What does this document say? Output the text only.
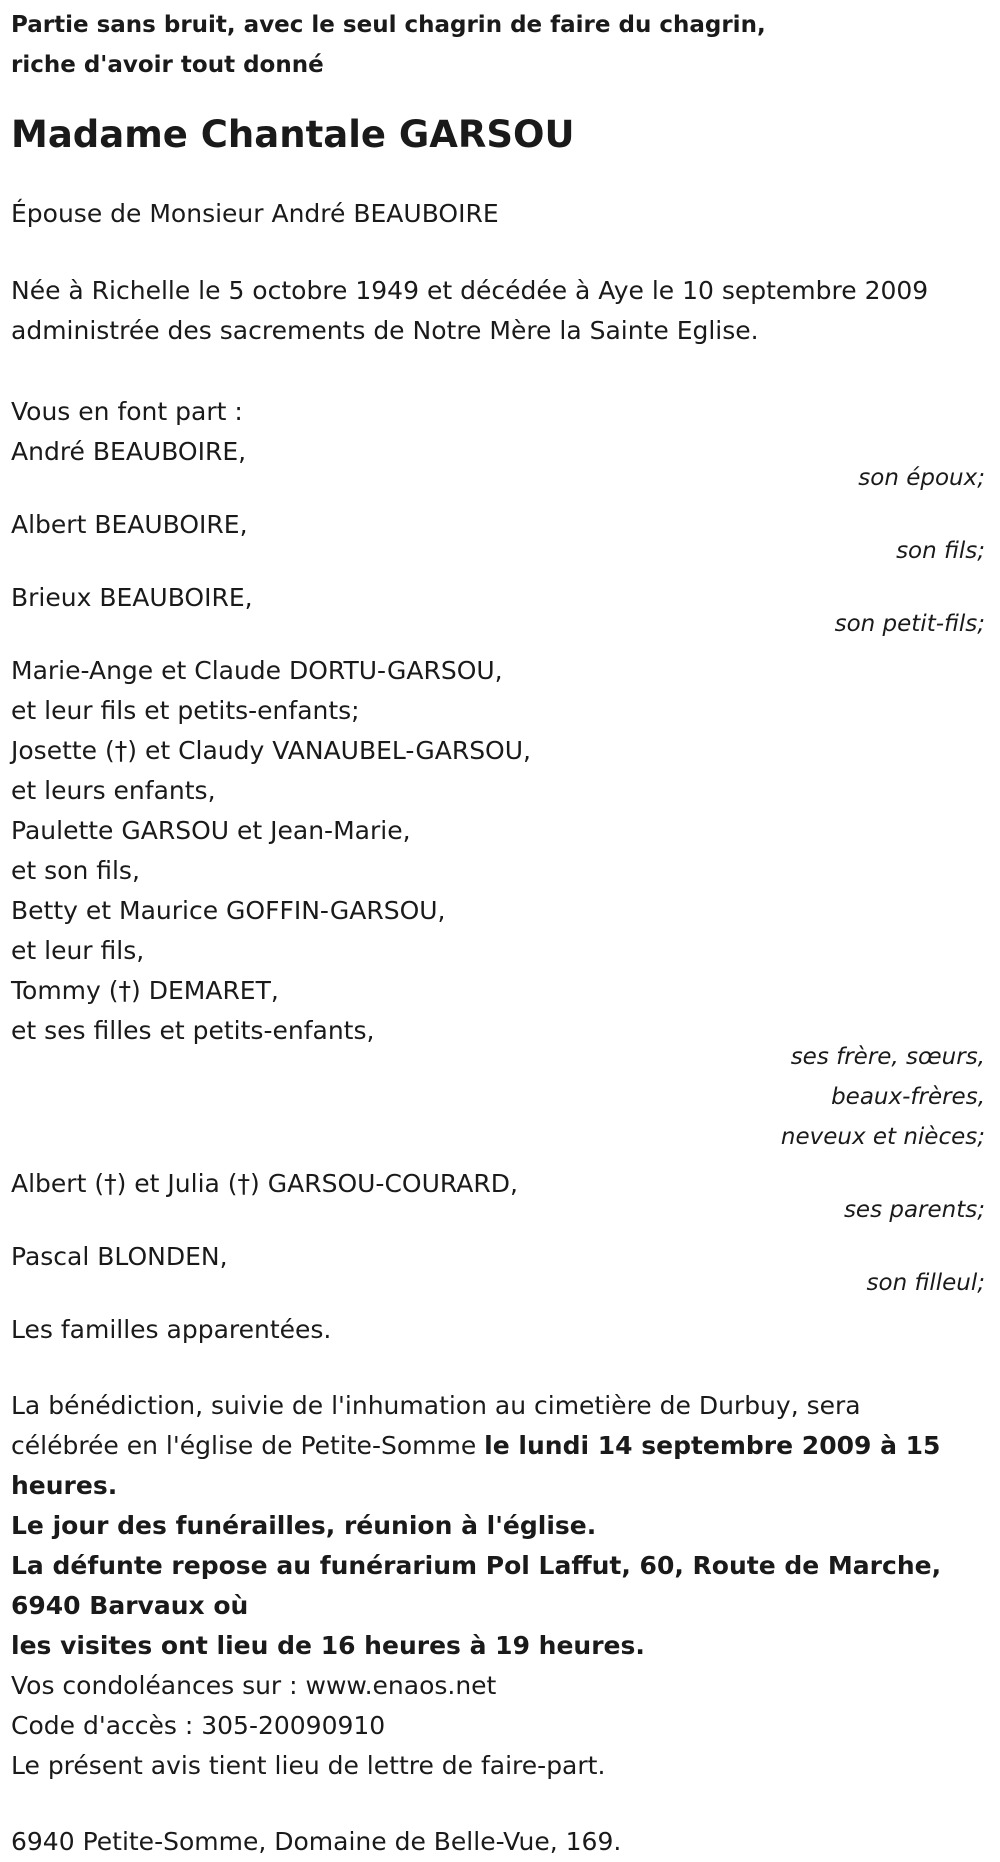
Partie sans bruit, avec le seul chagrin de faire du chagrin,
riche d'avoir tout donné
Madame Chantale GARSOU
Épouse de Monsieur André BEAUBOIRE
Née à Richelle le 5 octobre 1949 et décédée à Aye le 10 septembre 2009
administrée des sacrements de Notre Mère la Sainte Eglise.
Vous en font part :
André BEAUBOIRE,
son époux;
Albert BEAUBOIRE,
son fils;
Brieux BEAUBOIRE,
son petit-fils;
Marie-Ange et Claude DORTU-GARSOU,
et leur fils et petits-enfants;
Josette (†) et Claudy VANAUBEL-GARSOU,
et leurs enfants,
Paulette GARSOU et Jean-Marie,
et son fils,
Betty et Maurice GOFFIN-GARSOU,
et leur fils,
Tommy (†) DEMARET,
et ses filles et petits-enfants,
ses frère, sœurs,
beaux-frères,
neveux et nièces;
Albert (†) et Julia (†) GARSOU-COURARD,
ses parents;
Pascal BLONDEN,
son filleul;
Les familles apparentées.
La bénédiction, suivie de l'inhumation au cimetière de Durbuy, sera
célébrée en l'église de Petite-Somme le lundi 14 septembre 2009 à 15
heures.
Le jour des funérailles, réunion à l'église.
La défunte repose au funérarium Pol Laffut, 60, Route de Marche,
6940 Barvaux où
les visites ont lieu de 16 heures à 19 heures.
Vos condoléances sur : www.enaos.net
Code d'accès : 305-20090910
Le présent avis tient lieu de lettre de faire-part.
6940 Petite-Somme, Domaine de Belle-Vue, 169.
